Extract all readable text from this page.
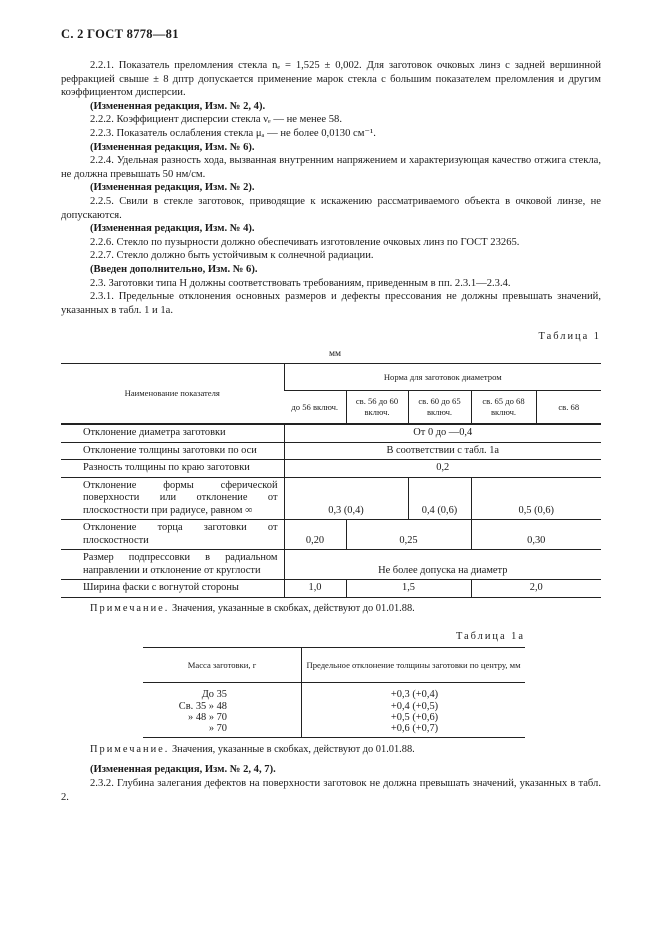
С. 2 ГОСТ 8778—81

2.2.1. Показатель преломления стекла nₑ = 1,525 ± 0,002. Для заготовок очковых линз с задней вершинной рефракцией свыше ± 8 дптр допускается применение марок стекла с большим показателем преломления и другим коэффициентом дисперсии.

(Измененная редакция, Изм. № 2, 4).

2.2.2. Коэффициент дисперсии стекла νₑ — не менее 58.

2.2.3. Показатель ослабления стекла μₐ — не более 0,0130 см⁻¹.

(Измененная редакция, Изм. № 6).

2.2.4. Удельная разность хода, вызванная внутренним напряжением и характеризующая качество отжига стекла, не должна превышать 50 нм/см.

(Измененная редакция, Изм. № 2).

2.2.5. Свили в стекле заготовок, приводящие к искажению рассматриваемого объекта в очковой линзе, не допускаются.

(Измененная редакция, Изм. № 4).

2.2.6. Стекло по пузырности должно обеспечивать изготовление очковых линз по ГОСТ 23265.

2.2.7. Стекло должно быть устойчивым к солнечной радиации.

(Введен дополнительно, Изм. № 6).

2.3. Заготовки типа Н должны соответствовать требованиям, приведенным в пп. 2.3.1—2.3.4.

2.3.1. Предельные отклонения основных размеров и дефекты прессования не должны превышать значений, указанных в табл. 1 и 1а.

Таблица 1
мм
Наименование показателя	Норма для заготовок диаметром				
	до 56 включ.	св. 56 до 60 включ.	св. 60 до 65 включ.	св. 65 до 68 включ.	св. 68
Отклонение диаметра заготовки	От 0 до —0,4				
Отклонение толщины заготовки по оси	В соответствии с табл. 1а				
Разность толщины по краю заготовки	0,2				
Отклонение формы сферической поверхности или отклонение от плоскостности при радиусе, равном ∞	0,3 (0,4)		0,4 (0,6)	0,5 (0,6)	
Отклонение торца заготовки от плоскостности	0,20	0,25		0,30	
Размер подпрессовки в радиальном направлении и отклонение от круглости	Не более допуска на диаметр				
Ширина фаски с вогнутой стороны	1,0	1,5		2,0	
Примечание. Значения, указанные в скобках, действуют до 01.01.88.
Таблица 1а
Масса заготовки, г	Предельное отклонение толщины заготовки по центру, мм
До 35	+0,3 (+0,4)
Св. 35 » 48	+0,4 (+0,5)
» 48 » 70	+0,5 (+0,6)
» 70	+0,6 (+0,7)
Примечание. Значения, указанные в скобках, действуют до 01.01.88.

(Измененная редакция, Изм. № 2, 4, 7).

2.3.2. Глубина залегания дефектов на поверхности заготовок не должна превышать значений, указанных в табл. 2.
